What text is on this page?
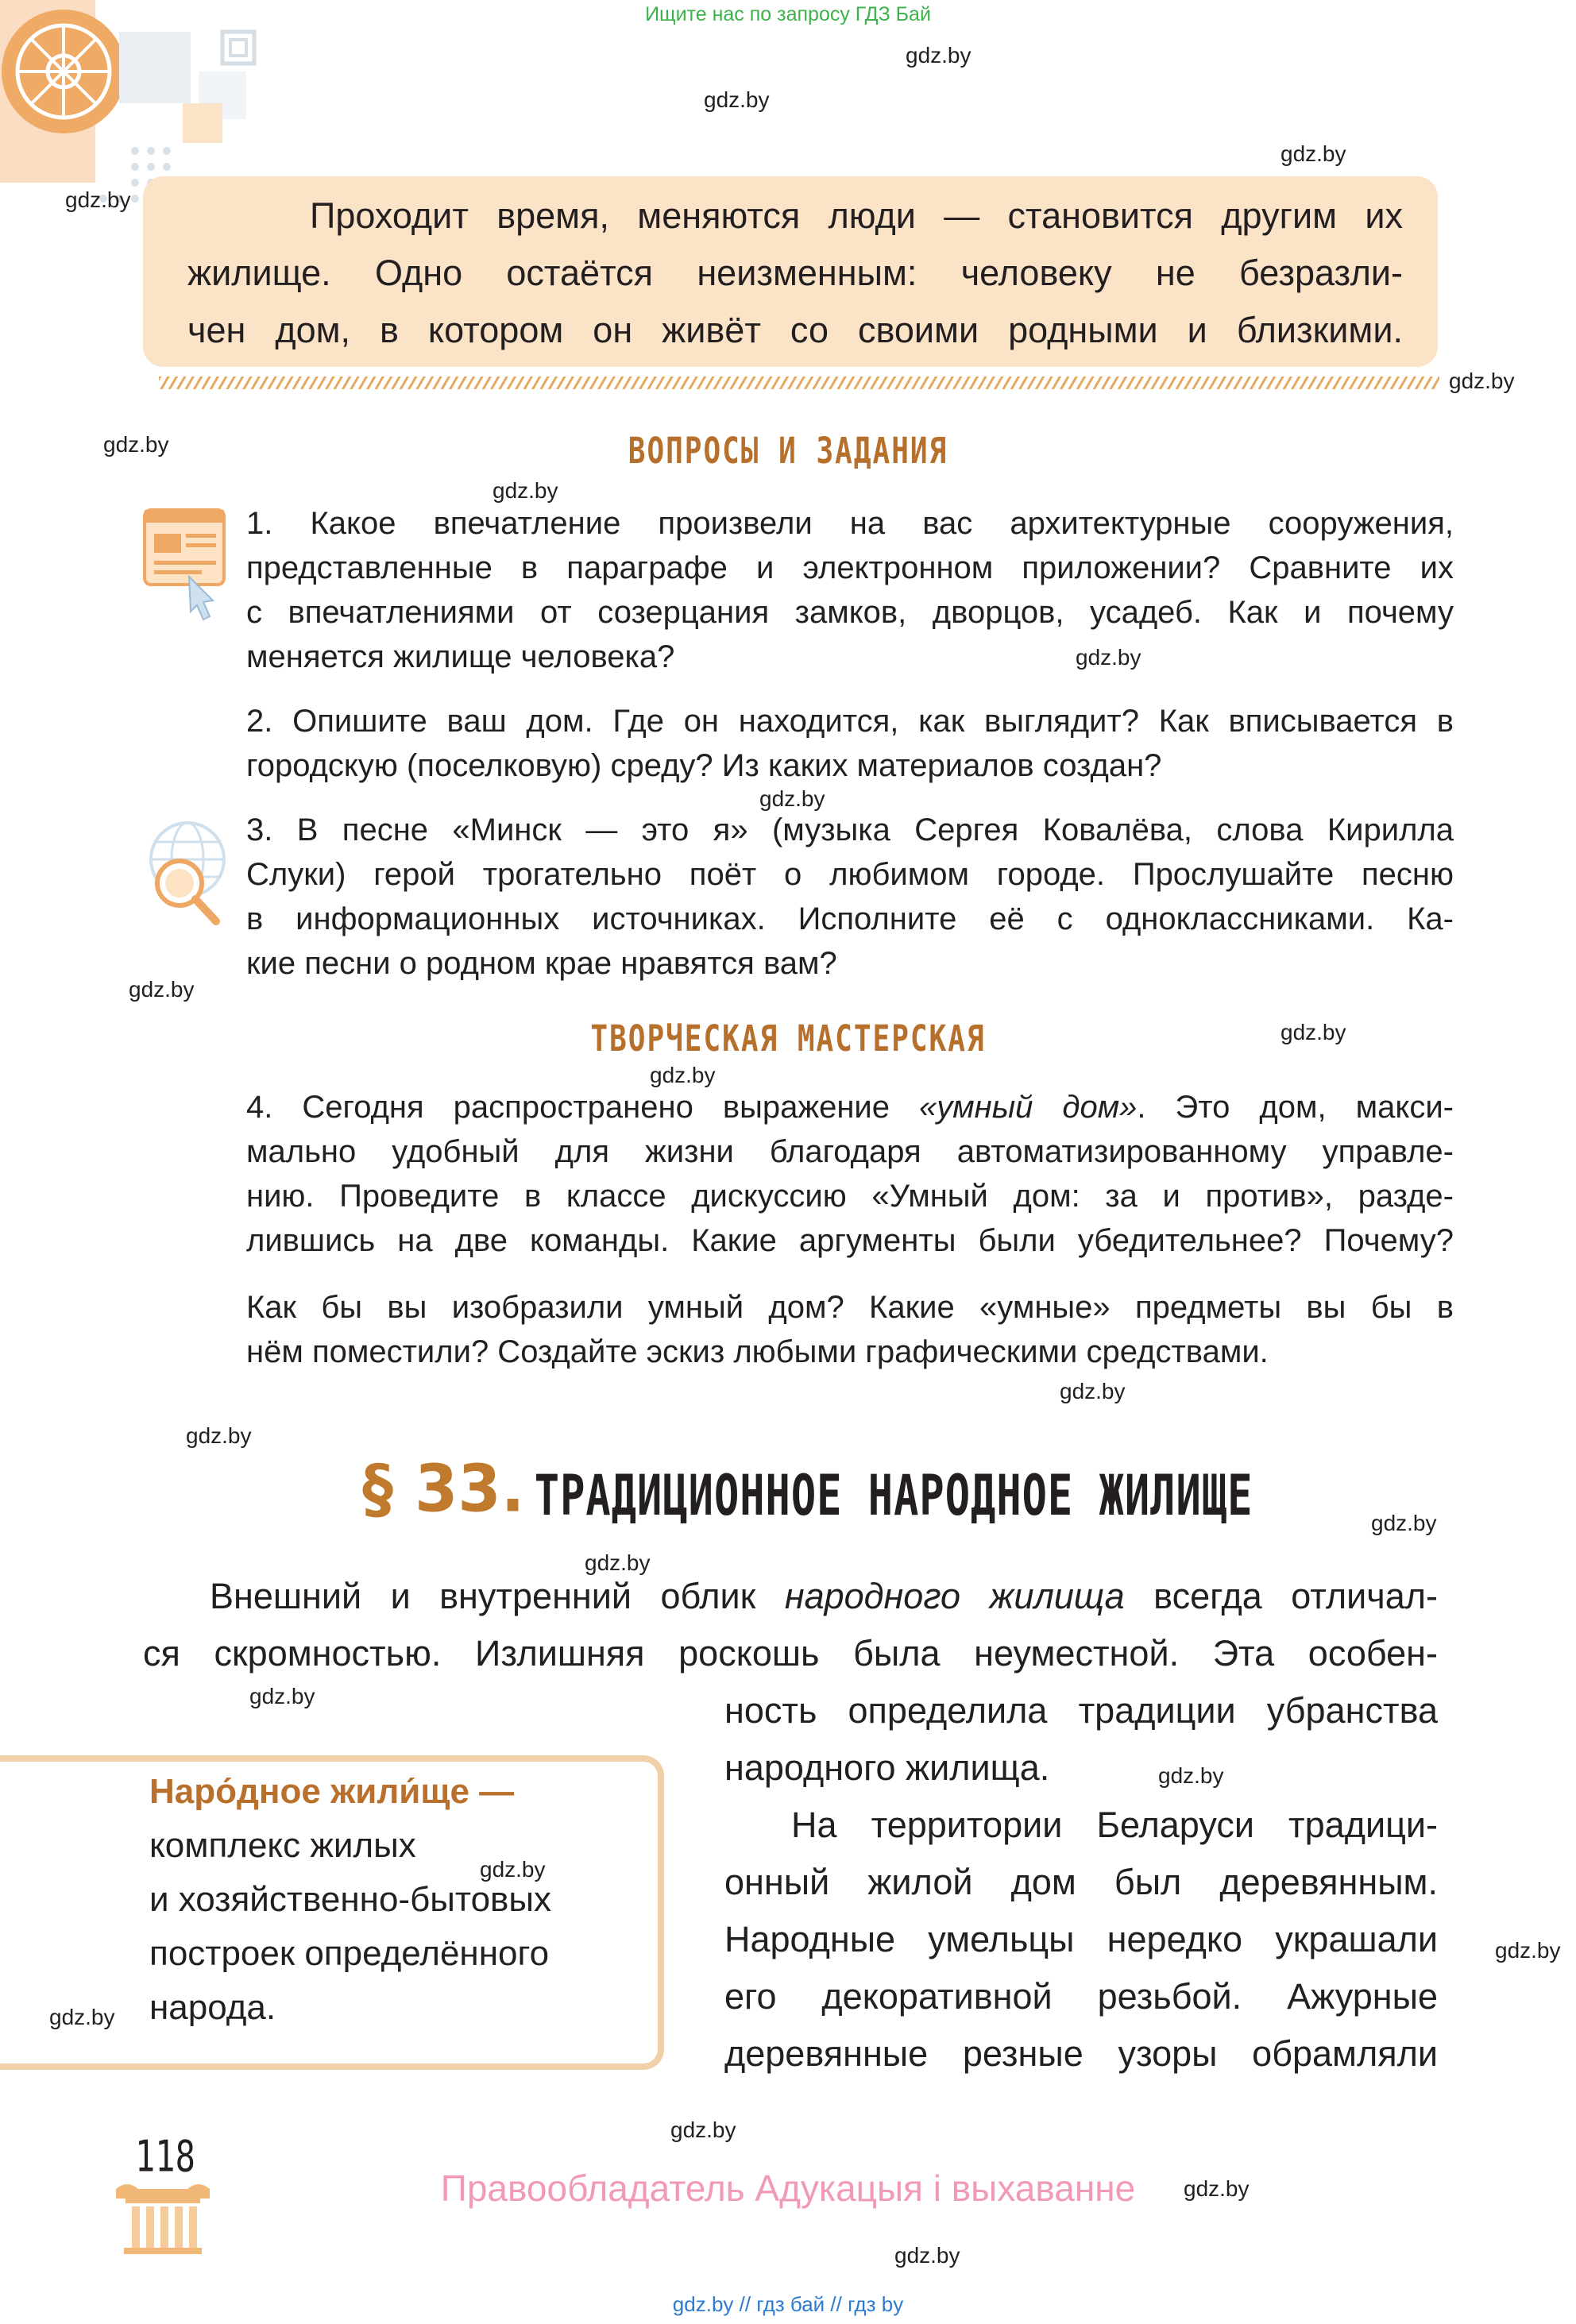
Ищите нас по запросу ГДЗ Бай

Проходит время, меняются люди — становится другим их

жилище. Одно остаётся неизменным: человеку не безразли-

чен дом, в котором он живёт со своими родными и близкими.

ВОПРОСЫ И ЗАДАНИЯ
1. Какое впечатление произвели на вас архитектурные сооружения,
представленные в параграфе и электронном приложении? Сравните их
с впечатлениями от созерцания замков, дворцов, усадеб. Как и почему
меняется жилище человека?
2. Опишите ваш дом. Где он находится, как выглядит? Как вписывается в
городскую (поселковую) среду? Из каких материалов создан?
3. В песне «Минск — это я» (музыка Сергея Ковалёва, слова Кирилла
Слуки) герой трогательно поёт о любимом городе. Прослушайте песню
в информационных источниках. Исполните её с одноклассниками. Ка-
кие песни о родном крае нравятся вам?
ТВОРЧЕСКАЯ МАСТЕРСКАЯ
4. Сегодня распространено выражение «умный дом». Это дом, макси-
мально удобный для жизни благодаря автоматизированному управле-
нию. Проведите в классе дискуссию «Умный дом: за и против», разде-
лившись на две команды. Какие аргументы были убедительнее? Почему?
Как бы вы изобразили умный дом? Какие «умные» предметы вы бы в
нём поместили? Создайте эскиз любыми графическими средствами.
§ 33. ТРАДИЦИОННОЕ НАРОДНОЕ ЖИЛИЩЕ

Внешний и внутренний облик народного жилища всегда отличал-

ся скромностью. Излишняя роскошь была неуместной. Эта особен-

ность определила традиции убранства

народного жилища.

На территории Беларуси традици-

онный жилой дом был деревянным.

Народные умельцы нередко украшали

его декоративной резьбой. Ажурные

деревянные резные узоры обрамляли

Наро́дное жили́ще —
комплекс жилых
и хозяйственно-бытовых
построек определённого
народа.
118
Правообладатель Адукацыя і выхаванне
gdz.by // гдз бай // гдз by
gdz.by
gdz.by
gdz.by
gdz.by
gdz.by
gdz.by
gdz.by
gdz.by
gdz.by
gdz.by
gdz.by
gdz.by
gdz.by
gdz.by
gdz.by
gdz.by
gdz.by
gdz.by
gdz.by
gdz.by
gdz.by
gdz.by
gdz.by
gdz.by
